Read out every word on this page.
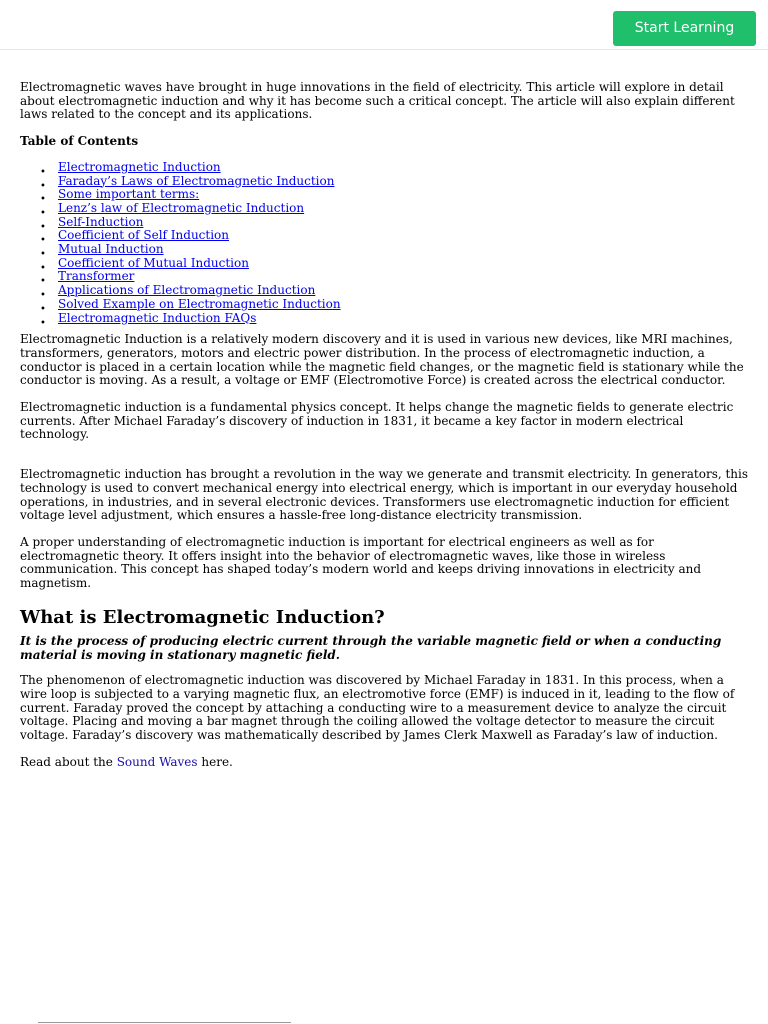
Start Learning

Electromagnetic waves have brought in huge innovations in the field of electricity. This article will explore in detail about electromagnetic induction and why it has become such a critical concept. The article will also explain different laws related to the concept and its applications.

Table of Contents

• Electromagnetic Induction
• Faraday’s Laws of Electromagnetic Induction
• Some important terms:
• Lenz’s law of Electromagnetic Induction
• Self-Induction
• Coefficient of Self Induction
• Mutual Induction
• Coefficient of Mutual Induction
• Transformer
• Applications of Electromagnetic Induction
• Solved Example on Electromagnetic Induction
• Electromagnetic Induction FAQs

Electromagnetic Induction is a relatively modern discovery and it is used in various new devices, like MRI machines, transformers, generators, motors and electric power distribution. In the process of electromagnetic induction, a conductor is placed in a certain location while the magnetic field changes, or the magnetic field is stationary while the conductor is moving. As a result, a voltage or EMF (Electromotive Force) is created across the electrical conductor.

Electromagnetic induction is a fundamental physics concept. It helps change the magnetic fields to generate electric currents. After Michael Faraday’s discovery of induction in 1831, it became a key factor in modern electrical technology.

Electromagnetic induction has brought a revolution in the way we generate and transmit electricity. In generators, this technology is used to convert mechanical energy into electrical energy, which is important in our everyday household operations, in industries, and in several electronic devices. Transformers use electromagnetic induction for efficient voltage level adjustment, which ensures a hassle-free long-distance electricity transmission.

A proper understanding of electromagnetic induction is important for electrical engineers as well as for electromagnetic theory. It offers insight into the behavior of electromagnetic waves, like those in wireless communication. This concept has shaped today’s modern world and keeps driving innovations in electricity and magnetism.

What is Electromagnetic Induction?

It is the process of producing electric current through the variable magnetic field or when a conducting material is moving in stationary magnetic field.

The phenomenon of electromagnetic induction was discovered by Michael Faraday in 1831. In this process, when a wire loop is subjected to a varying magnetic flux, an electromotive force (EMF) is induced in it, leading to the flow of current. Faraday proved the concept by attaching a conducting wire to a measurement device to analyze the circuit voltage. Placing and moving a bar magnet through the coiling allowed the voltage detector to measure the circuit voltage. Faraday’s discovery was mathematically described by James Clerk Maxwell as Faraday’s law of induction.

Read about the Sound Waves here.
